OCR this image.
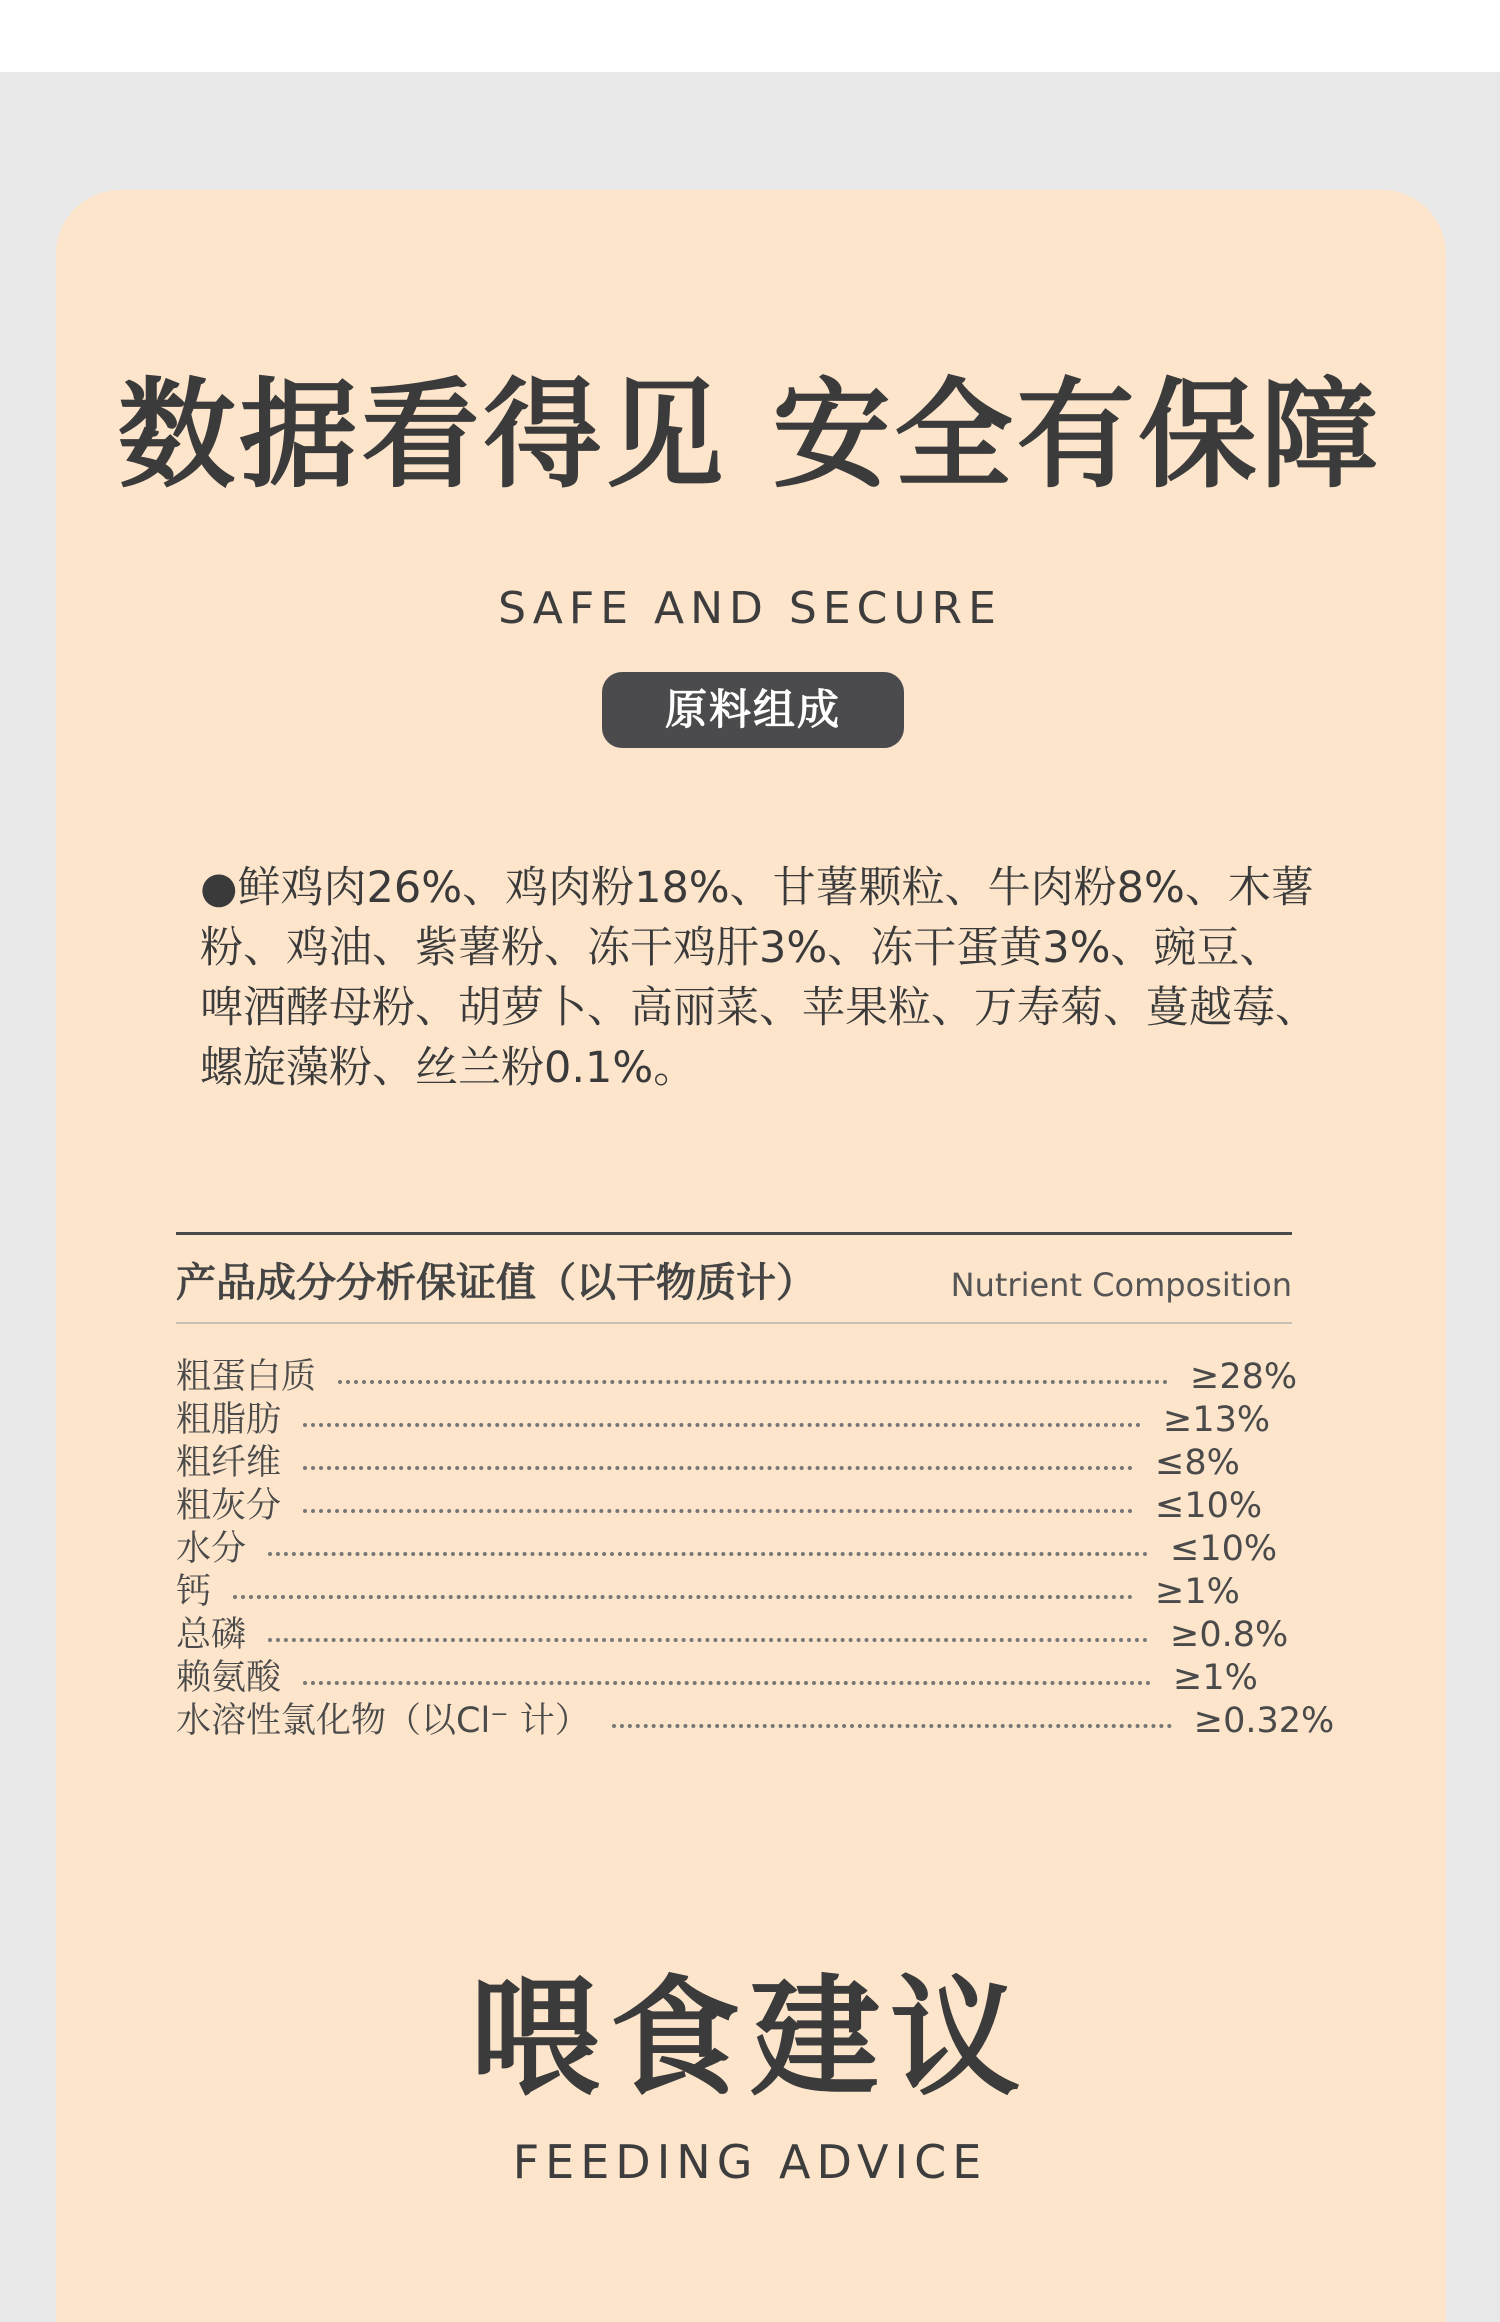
数据看得见 安全有保障
SAFE AND SECURE
原料组成
●鲜鸡肉26%、鸡肉粉18%、甘薯颗粒、牛肉粉8%、木薯粉、鸡油、紫薯粉、冻干鸡肝3%、冻干蛋黄3%、豌豆、啤酒酵母粉、胡萝卜、高丽菜、苹果粒、万寿菊、蔓越莓、螺旋藻粉、丝兰粉0.1%。
产品成分分析保证值（以干物质计）	Nutrient Composition
粗蛋白质	≥28%
粗脂肪	≥13%
粗纤维	≤8%
粗灰分	≤10%
水分	≤10%
钙	≥1%
总磷	≥0.8%
赖氨酸	≥1%
水溶性氯化物（以Cl⁻ 计）	≥0.32%
喂食建议
FEEDING ADVICE
